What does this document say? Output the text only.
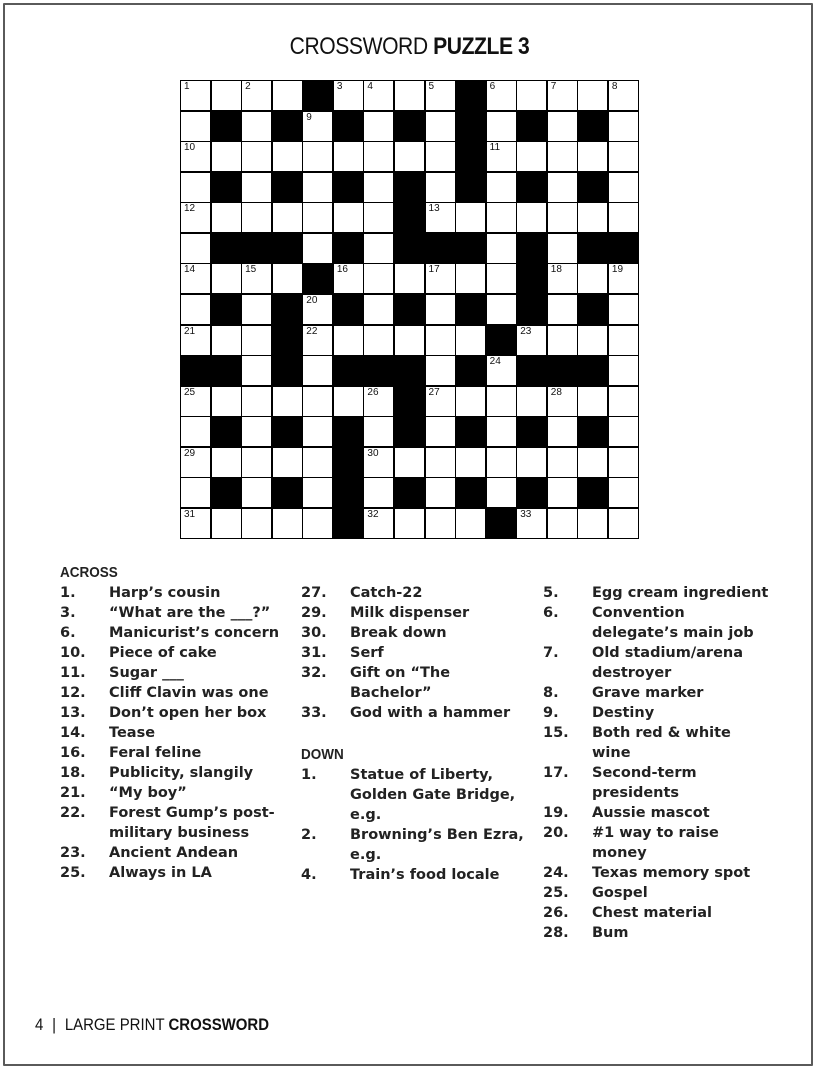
CROSSWORD PUZZLE 3
1	2	3	4	5	6	7	8
9
10	11
12	13
14	15	16	17	18	19
20
21	22	23
24
25	26	27	28
29	30
31	32	33
ACROSS
1.	Harp’s cousin
3.	“What are the ___?”
6.	Manicurist’s concern
10.	Piece of cake
11.	Sugar ___
12.	Cliff Clavin was one
13.	Don’t open her box
14.	Tease
16.	Feral feline
18.	Publicity, slangily
21.	“My boy”
22.	Forest Gump’s post-military business
23.	Ancient Andean
25.	Always in LA
27.	Catch-22
29.	Milk dispenser
30.	Break down
31.	Serf
32.	Gift on “The Bachelor”
33.	God with a hammer
DOWN
1.	Statue of Liberty, Golden Gate Bridge, e.g.
2.	Browning’s Ben Ezra, e.g.
4.	Train’s food locale
5.	Egg cream ingredient
6.	Convention delegate’s main job
7.	Old stadium/arena destroyer
8.	Grave marker
9.	Destiny
15.	Both red & white wine
17.	Second-term presidents
19.	Aussie mascot
20.	#1 way to raise money
24.	Texas memory spot
25.	Gospel
26.	Chest material
28.	Bum
4 | LARGE PRINT CROSSWORD
